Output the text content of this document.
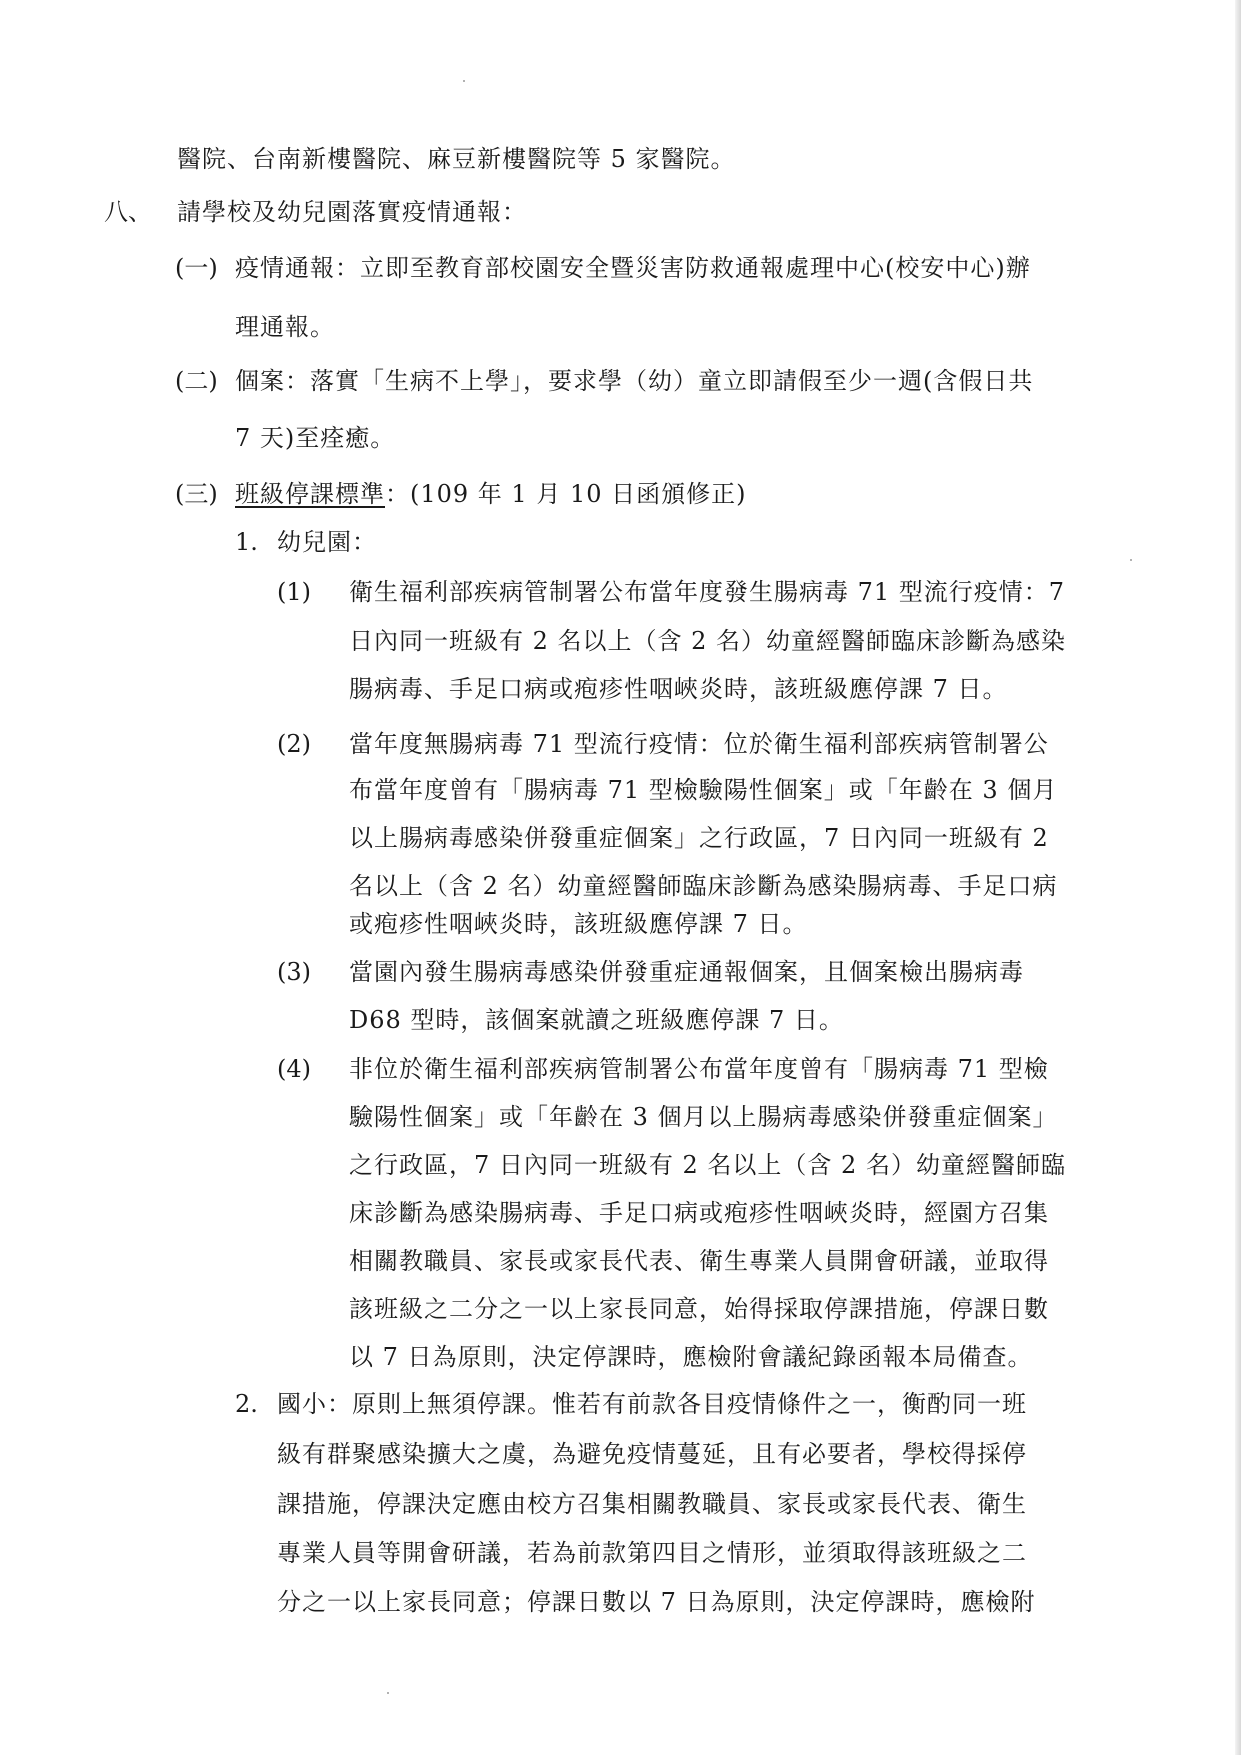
醫院、台南新樓醫院、麻豆新樓醫院等 5 家醫院。
八、 請學校及幼兒園落實疫情通報：
(一) 疫情通報：立即至教育部校園安全暨災害防救通報處理中心(校安中心)辦
理通報。
(二) 個案：落實「生病不上學」，要求學（幼）童立即請假至少一週(含假日共
7 天)至痊癒。
(三) 班級停課標準：(109 年 1 月 10 日函頒修正)
1. 幼兒園：
(1) 衛生福利部疾病管制署公布當年度發生腸病毒 71 型流行疫情：7
日內同一班級有 2 名以上（含 2 名）幼童經醫師臨床診斷為感染
腸病毒、手足口病或疱疹性咽峽炎時，該班級應停課 7 日。
(2) 當年度無腸病毒 71 型流行疫情：位於衛生福利部疾病管制署公
布當年度曾有「腸病毒 71 型檢驗陽性個案」或「年齡在 3 個月
以上腸病毒感染併發重症個案」之行政區，7 日內同一班級有 2
名以上（含 2 名）幼童經醫師臨床診斷為感染腸病毒、手足口病
或疱疹性咽峽炎時，該班級應停課 7 日。
(3) 當園內發生腸病毒感染併發重症通報個案，且個案檢出腸病毒
D68 型時，該個案就讀之班級應停課 7 日。
(4) 非位於衛生福利部疾病管制署公布當年度曾有「腸病毒 71 型檢
驗陽性個案」或「年齡在 3 個月以上腸病毒感染併發重症個案」
之行政區，7 日內同一班級有 2 名以上（含 2 名）幼童經醫師臨
床診斷為感染腸病毒、手足口病或疱疹性咽峽炎時，經園方召集
相關教職員、家長或家長代表、衛生專業人員開會研議，並取得
該班級之二分之一以上家長同意，始得採取停課措施，停課日數
以 7 日為原則，決定停課時，應檢附會議紀錄函報本局備查。
2. 國小：原則上無須停課。惟若有前款各目疫情條件之一，衡酌同一班
級有群聚感染擴大之虞，為避免疫情蔓延，且有必要者，學校得採停
課措施，停課決定應由校方召集相關教職員、家長或家長代表、衛生
專業人員等開會研議，若為前款第四目之情形，並須取得該班級之二
分之一以上家長同意；停課日數以 7 日為原則，決定停課時，應檢附
